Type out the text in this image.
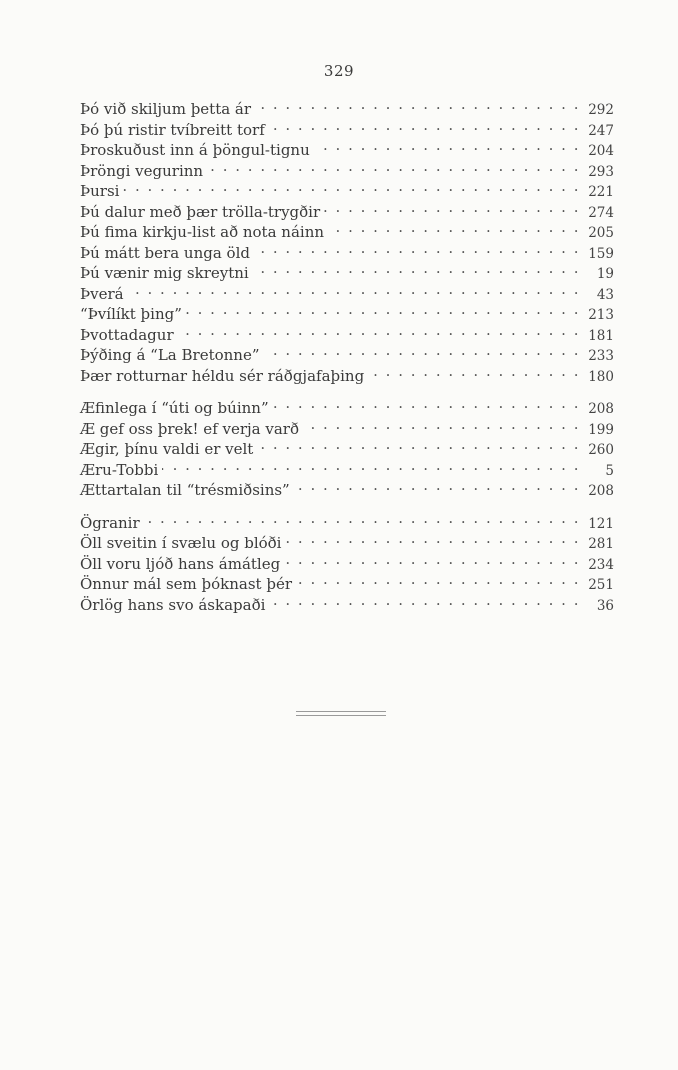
329
Þó við skiljum þetta ár . . .	292
Þó þú ristir tvíbreitt torf . . .	247
Þroskuðust inn á þöngul-tignu . . .	204
Þröngi vegurinn . . .	293
Þursi . . .	221
Þú dalur með þær trölla-trygðir . . .	274
Þú fima kirkju-list að nota náinn . . .	205
Þú mátt bera unga öld . . .	159
Þú vænir mig skreytni . . .	19
Þverá . . .	43
“Þvílíkt þing” . . .	213
Þvottadagur . . .	181
Þýðing á “La Bretonne” . . .	233
Þær rotturnar héldu sér ráðgjafaþing . . .	180
Æfinlega í “úti og búinn” . . .	208
Æ gef oss þrek! ef verja varð . . .	199
Ægir, þínu valdi er velt . . .	260
Æru-Tobbi . . .	5
Ættartalan til “trésmiðsins” . . .	208
Ögranir . . .	121
Öll sveitin í svælu og blóði . . .	281
Öll voru ljóð hans ámátleg . . .	234
Önnur mál sem þóknast þér . . .	251
Örlög hans svo áskapaði . . .	36
